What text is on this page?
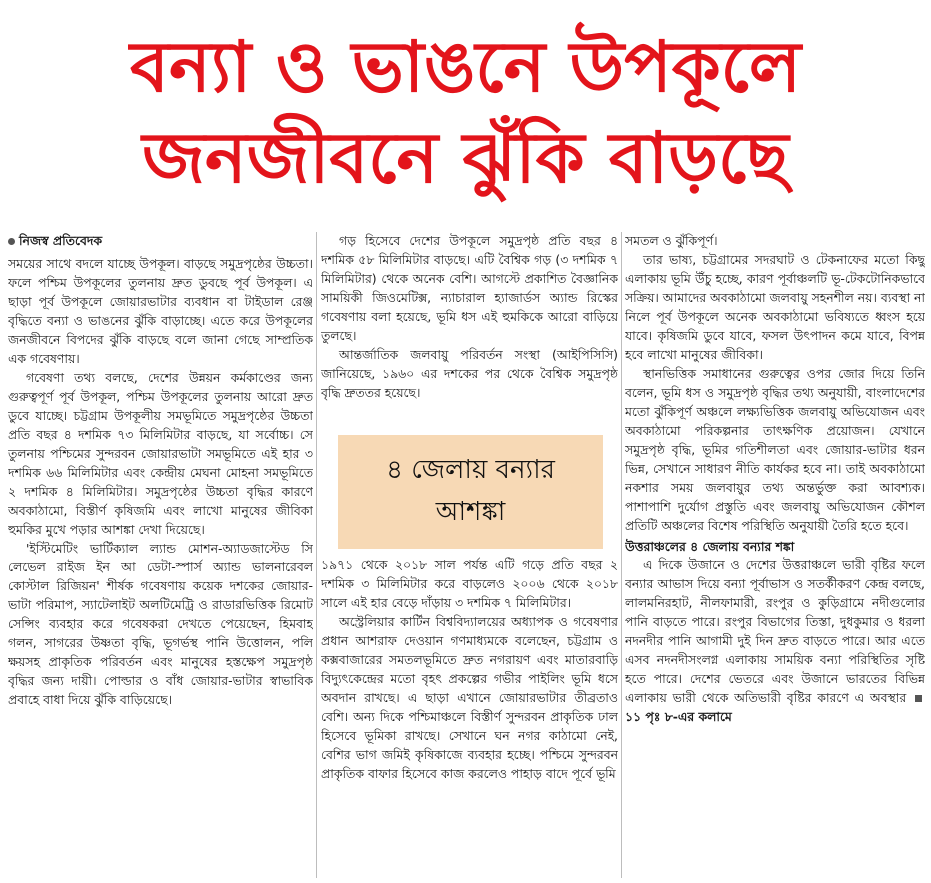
বন্যা ও ভাঙনে উপকূলে
জনজীবনে ঝুঁকি বাড়ছে
নিজস্ব প্রতিবেদক

সময়ের সাথে বদলে যাচ্ছে উপকূল। বাড়ছে সমুদ্রপৃষ্ঠের উচ্চতা। ফলে পশ্চিম উপকূলের তুলনায় দ্রুত ডুবছে পূর্ব উপকূল। এ ছাড়া পূর্ব উপকূলে জোয়ারভাটার ব্যবধান বা টাইডাল রেঞ্জ বৃদ্ধিতে বন্যা ও ভাঙনের ঝুঁকি বাড়াচ্ছে। এতে করে উপকূলের জনজীবনে বিপদের ঝুঁকি বাড়ছে বলে জানা গেছে সাম্প্রতিক এক গবেষণায়।

গবেষণা তথ্য বলছে, দেশের উন্নয়ন কর্মকাণ্ডের জন্য গুরুত্বপূর্ণ পূর্ব উপকূল, পশ্চিম উপকূলের তুলনায় আরো দ্রুত ডুবে যাচ্ছে। চট্টগ্রাম উপকূলীয় সমভূমিতে সমুদ্রপৃষ্ঠের উচ্চতা প্রতি বছর ৪ দশমিক ৭৩ মিলিমিটার বাড়ছে, যা সর্বোচ্চ। সে তুলনায় পশ্চিমের সুন্দরবন জোয়ারভাটা সমভূমিতে এই হার ৩ দশমিক ৬৬ মিলিমিটার এবং কেন্দ্রীয় মেঘনা মোহনা সমভূমিতে ২ দশমিক ৪ মিলিমিটার। সমুদ্রপৃষ্ঠের উচ্চতা বৃদ্ধির কারণে অবকাঠামো, বিস্তীর্ণ কৃষিজমি এবং লাখো মানুষের জীবিকা হুমকির মুখে পড়ার আশঙ্কা দেখা দিয়েছে।

'ইস্টিমেটিং ভার্টিক্যাল ল্যান্ড মোশন-অ্যাডজাস্টেড সি লেভেল রাইজ ইন আ ডেটা-স্পার্স অ্যান্ড ভালনারেবল কোস্টাল রিজিয়ন' শীর্ষক গবেষণায় কয়েক দশকের জোয়ার-ভাটা পরিমাপ, স্যাটেলাইট অলটিমেট্রি ও রাডারভিত্তিক রিমোট সেন্সিং ব্যবহার করে গবেষকরা দেখতে পেয়েছেন, হিমবাহ গলন, সাগরের উষ্ণতা বৃদ্ধি, ভূগর্ভস্থ পানি উত্তোলন, পলি ক্ষয়সহ প্রাকৃতিক পরিবর্তন এবং মানুষের হস্তক্ষেপ সমুদ্রপৃষ্ঠ বৃদ্ধির জন্য দায়ী। পোল্ডার ও বাঁধ জোয়ার-ভাটার স্বাভাবিক প্রবাহে বাধা দিয়ে ঝুঁকি বাড়িয়েছে।

গড় হিসেবে দেশের উপকূলে সমুদ্রপৃষ্ঠ প্রতি বছর ৪ দশমিক ৫৮ মিলিমিটার বাড়ছে। এটি বৈশ্বিক গড় (৩ দশমিক ৭ মিলিমিটার) থেকে অনেক বেশি। আগস্টে প্রকাশিত বৈজ্ঞানিক সাময়িকী জিওমেটিক্স, ন্যাচারাল হ্যাজার্ডস অ্যান্ড রিস্কের গবেষণায় বলা হয়েছে, ভূমি ধস এই হুমকিকে আরো বাড়িয়ে তুলছে।

আন্তর্জাতিক জলবায়ু পরিবর্তন সংস্থা (আইপিসিসি) জানিয়েছে, ১৯৬০ এর দশকের পর থেকে বৈশ্বিক সমুদ্রপৃষ্ঠ বৃদ্ধি দ্রুততর হয়েছে।

৪ জেলায় বন্যার
আশঙ্কা

১৯৭১ থেকে ২০১৮ সাল পর্যন্ত এটি গড়ে প্রতি বছর ২ দশমিক ৩ মিলিমিটার করে বাড়লেও ২০০৬ থেকে ২০১৮ সালে এই হার বেড়ে দাঁড়ায় ৩ দশমিক ৭ মিলিমিটার।

অস্ট্রেলিয়ার কার্টিন বিশ্ববিদ্যালয়ের অধ্যাপক ও গবেষণার প্রধান আশরাফ দেওয়ান গণমাধ্যমকে বলেছেন, চট্টগ্রাম ও কক্সবাজারের সমতলভূমিতে দ্রুত নগরায়ণ এবং মাতারবাড়ি বিদ্যুৎকেন্দ্রের মতো বৃহৎ প্রকল্পের গভীর পাইলিং ভূমি ধসে অবদান রাখছে। এ ছাড়া এখানে জোয়ারভাটার তীব্রতাও বেশি। অন্য দিকে পশ্চিমাঞ্চলে বিস্তীর্ণ সুন্দরবন প্রাকৃতিক ঢাল হিসেবে ভূমিকা রাখছে। সেখানে ঘন নগর কাঠামো নেই, বেশির ভাগ জমিই কৃষিকাজে ব্যবহার হচ্ছে। পশ্চিমে সুন্দরবন প্রাকৃতিক বাফার হিসেবে কাজ করলেও পাহাড় বাদে পূর্বে ভূমি

সমতল ও ঝুঁকিপূর্ণ।

তার ভাষ্য, চট্টগ্রামের সদরঘাট ও টেকনাফের মতো কিছু এলাকায় ভূমি উঁচু হচ্ছে, কারণ পূর্বাঞ্চলটি ভূ-টেকটোনিকভাবে সক্রিয়। আমাদের অবকাঠামো জলবায়ু সহনশীল নয়। ব্যবস্থা না নিলে পূর্ব উপকূলে অনেক অবকাঠামো ভবিষ্যতে ধ্বংস হয়ে যাবে। কৃষিজমি ডুবে যাবে, ফসল উৎপাদন কমে যাবে, বিপন্ন হবে লাখো মানুষের জীবিকা।

স্থানভিত্তিক সমাধানের গুরুত্বের ওপর জোর দিয়ে তিনি বলেন, ভূমি ধস ও সমুদ্রপৃষ্ঠ বৃদ্ধির তথ্য অনুযায়ী, বাংলাদেশের মতো ঝুঁকিপূর্ণ অঞ্চলে লক্ষ্যভিত্তিক জলবায়ু অভিযোজন এবং অবকাঠামো পরিকল্পনার তাৎক্ষণিক প্রয়োজন। যেখানে সমুদ্রপৃষ্ঠ বৃদ্ধি, ভূমির গতিশীলতা এবং জোয়ার-ভাটার ধরন ভিন্ন, সেখানে সাধারণ নীতি কার্যকর হবে না। তাই অবকাঠামো নকশার সময় জলবায়ুর তথ্য অন্তর্ভুক্ত করা আবশ্যক। পাশাপাশি দুর্যোগ প্রস্তুতি এবং জলবায়ু অভিযোজন কৌশল প্রতিটি অঞ্চলের বিশেষ পরিস্থিতি অনুযায়ী তৈরি হতে হবে।

উত্তরাঞ্চলের ৪ জেলায় বন্যার শঙ্কা

এ দিকে উজানে ও দেশের উত্তরাঞ্চলে ভারী বৃষ্টির ফলে বন্যার আভাস দিয়ে বন্যা পূর্বাভাস ও সতর্কীকরণ কেন্দ্র বলছে, লালমনিরহাট, নীলফামারী, রংপুর ও কুড়িগ্রামে নদীগুলোর পানি বাড়তে পারে। রংপুর বিভাগের তিস্তা, দুধকুমার ও ধরলা নদনদীর পানি আগামী দুই দিন দ্রুত বাড়তে পারে। আর এতে এসব নদনদীসংলগ্ন এলাকায় সাময়িক বন্যা পরিস্থিতির সৃষ্টি হতে পারে। দেশের ভেতরে এবং উজানে ভারতের বিভিন্ন এলাকায় ভারী থেকে অতিভারী বৃষ্টির কারণে এ অবস্থার ১১ পৃঃ ৮-এর কলামে
